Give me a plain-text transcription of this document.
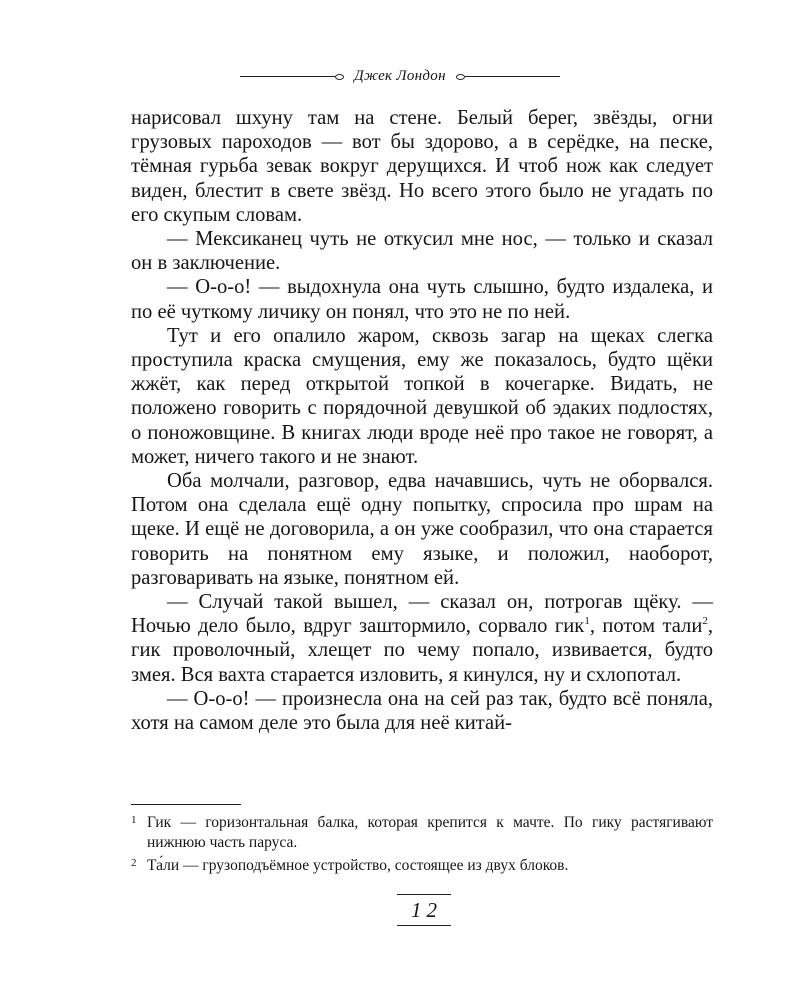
Джек Лондон

нарисовал шхуну там на стене. Белый берег, звёзды, огни грузовых пароходов — вот бы здорово, а в серёдке, на песке, тёмная гурьба зевак вокруг дерущихся. И чтоб нож как следует виден, блестит в свете звёзд. Но всего этого было не угадать по его скупым словам.

— Мексиканец чуть не откусил мне нос, — только и сказал он в заключение.

— О-о-о! — выдохнула она чуть слышно, будто издалека, и по её чуткому личику он понял, что это не по ней.

Тут и его опалило жаром, сквозь загар на щеках слегка проступила краска смущения, ему же показалось, будто щёки жжёт, как перед открытой топкой в кочегарке. Видать, не положено говорить с порядочной девушкой об эдаких подлостях, о поножовщине. В книгах люди вроде неё про такое не говорят, а может, ничего такого и не знают.

Оба молчали, разговор, едва начавшись, чуть не оборвался. Потом она сделала ещё одну попытку, спросила про шрам на щеке. И ещё не договорила, а он уже сообразил, что она старается говорить на понятном ему языке, и положил, наоборот, разговаривать на языке, понятном ей.

— Случай такой вышел, — сказал он, потрогав щёку. — Ночью дело было, вдруг заштормило, сорвало гик$^1$, потом тали$^2$, гик проволочный, хлещет по чему попало, извивается, будто змея. Вся вахта старается изловить, я кинулся, ну и схлопотал.

— О-о-о! — произнесла она на сей раз так, будто всё поняла, хотя на самом деле это была для неё китай-

1 Гик — горизонтальная балка, которая крепится к мачте. По гику растягивают нижнюю часть паруса.

2 Та́ли — грузоподъёмное устройство, состоящее из двух блоков.

12
